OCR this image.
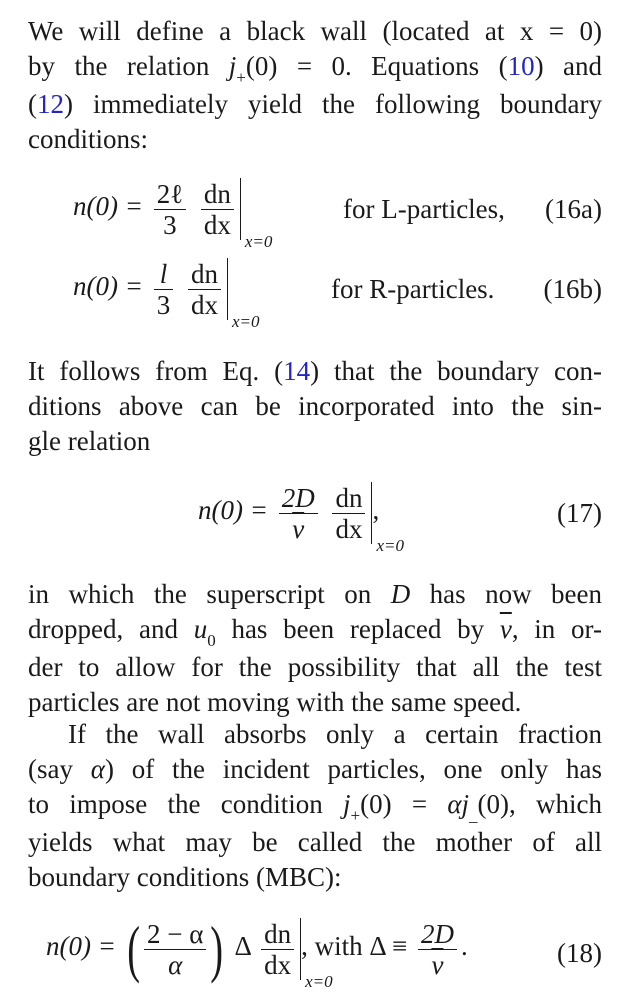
We will define a black wall (located at x = 0)
by the relation $j_+(0) = 0$. Equations (10) and
(12) immediately yield the following boundary
conditions:
$n(0) = \frac{\text{2ℓ}}{3}$
$\frac{dn}{dx}$
x=0
for L-particles, (16a)
$n(0) = \frac{l}{3}$
$\frac{dn}{dx}$
x=0
for R-particles. (16b)
It follows from Eq. (14) that the boundary con-
ditions above can be incorporated into the sin-
gle relation
$n(0) = \frac{2D}{v}$
$\frac{dn}{dx}$
x=0
,	(17)
in which the superscript on D has now been
dropped, and $u_0$ has been replaced by $\overline{v}$, in or-
der to allow for the possibility that all the test
particles are not moving with the same speed.
If the wall absorbs only a certain fraction
(say α) of the incident particles, one only has
to impose the condition $j_+(0) = \alpha j_{\_}(0)$, which
yields what may be called the mother of all
boundary conditions (MBC):
n(0) = ( $\frac{2 - \alpha}{\alpha}$ ) Δ $\frac{dn}{dx}$
x=0
, with $\Delta \equiv \frac{2D}{v}$ .	(18)
